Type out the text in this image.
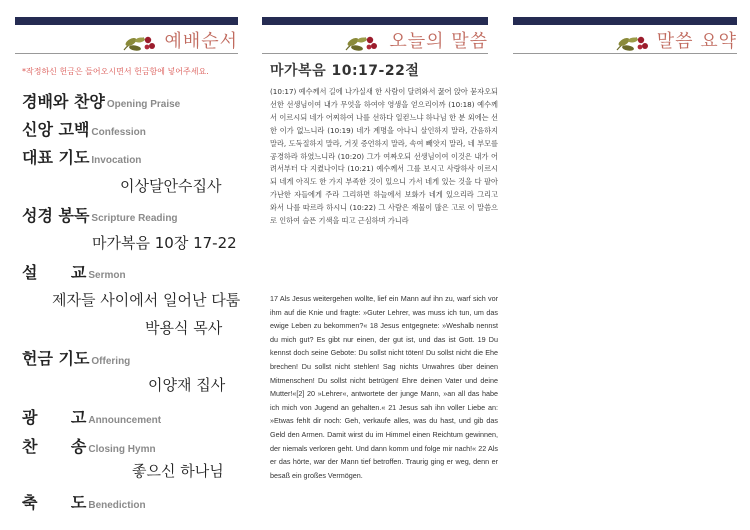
예배순서
*작정하신 헌금은 들어오시면서 헌금함에 넣어주세요.
경배와 찬양 Opening Praise
신앙 고백 Confession
대표 기도 Invocation
이상달안수집사
성경 봉독 Scripture Reading
마가복음 10장 17-22
설      교 Sermon
제자들 사이에서 일어난 다툼
박용식 목사
헌금 기도 Offering
이양재 집사
광      고 Announcement
찬      송 Closing Hymn
좋으신 하나님
축      도 Benediction
오늘의 말씀
마가복음 10:17-22절

(10:17) 예수께서 길에 나가실새 한 사람이 달려와서 꿇어 앉아 묻자오되 선한 선생님이여 내가 무엇을 하여야 영생을 얻으리이까 (10:18) 예수께서 이르시되 네가 어찌하여 나를 선하다 일컫느냐 하나님 한 분 외에는 선한 이가 없느니라 (10:19) 네가 계명을 아나니 살인하지 말라, 간음하지 말라, 도둑질하지 말라, 거짓 증언하지 말라, 속여 빼앗지 말라, 네 부모를 공경하라 하였느니라 (10:20) 그가 여짜오되 선생님이여 이것은 내가 어려서부터 다 지켰나이다 (10:21) 예수께서 그를 보시고 사랑하사 이르시되 네게 아직도 한 가지 부족한 것이 있으니 가서 네게 있는 것을 다 팔아 가난한 자들에게 주라 그리하면 하늘에서 보화가 네게 있으리라 그리고 와서 나를 따르라 하시니 (10:22) 그 사람은 재물이 많은 고로 이 말씀으로 인하여 슬픈 기색을 띠고 근심하며 가니라

17 Als Jesus weitergehen wollte, lief ein Mann auf ihn zu, warf sich vor ihm auf die Knie und fragte: »Guter Lehrer, was muss ich tun, um das ewige Leben zu bekommen?« 18 Jesus entgegnete: »Weshalb nennst du mich gut? Es gibt nur einen, der gut ist, und das ist Gott. 19 Du kennst doch seine Gebote: Du sollst nicht töten! Du sollst nicht die Ehe brechen! Du sollst nicht stehlen! Sag nichts Unwahres über deinen Mitmenschen! Du sollst nicht betrügen! Ehre deinen Vater und deine Mutter!«[2] 20 »Lehrer«, antwortete der junge Mann, »an all das habe ich mich von Jugend an gehalten.« 21 Jesus sah ihn voller Liebe an: »Etwas fehlt dir noch: Geh, verkaufe alles, was du hast, und gib das Geld den Armen. Damit wirst du im Himmel einen Reichtum gewinnen, der niemals verloren geht. Und dann komm und folge mir nach!« 22 Als er das hörte, war der Mann tief betroffen. Traurig ging er weg, denn er besaß ein großes Vermögen.

말씀 요약
